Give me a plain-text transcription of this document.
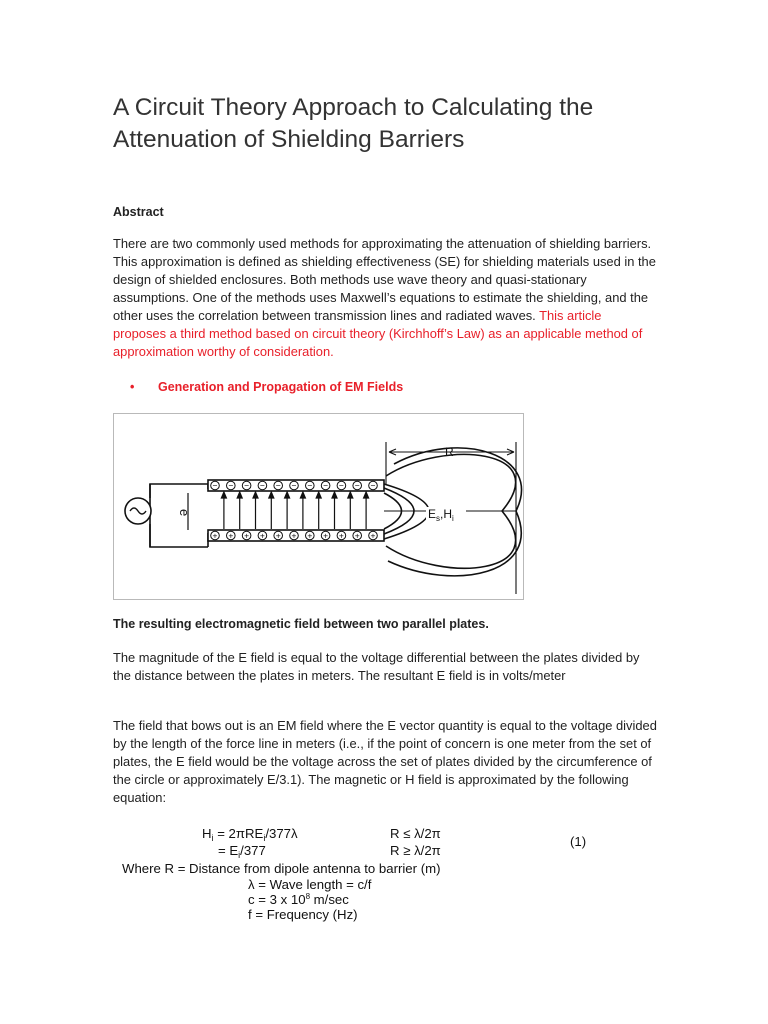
A Circuit Theory Approach to Calculating the Attenuation of Shielding Barriers
Abstract

There are two commonly used methods for approximating the attenuation of shielding barriers. This approximation is defined as shielding effectiveness (SE) for shielding materials used in the design of shielded enclosures. Both methods use wave theory and quasi-stationary assumptions. One of the methods uses Maxwell’s equations to estimate the shielding, and the other uses the correlation between transmission lines and radiated waves. This article proposes a third method based on circuit theory (Kirchhoff’s Law) as an applicable method of approximation worthy of consideration.

• Generation and Propagation of EM Fields
−
+
−
+
−
+
−
+
−
+
−
+
−
+
−
+
−
+
−
+
−
+
e
R
$E_s,H_i$
The resulting electromagnetic field between two parallel plates.

The magnitude of the E field is equal to the voltage differential between the plates divided by the distance between the plates in meters. The resultant E field is in volts/meter

The field that bows out is an EM field where the E vector quantity is equal to the voltage divided by the length of the force line in meters (i.e., if the point of concern is one meter from the set of plates, the E field would be the voltage across the set of plates divided by the circumference of the circle or approximately E/3.1). The magnetic or H field is approximated by the following equation:

$H_i = 2\pi RE_i/377\lambda$	R ≤ λ/2π
(1)
= $E_i/377$	R ≥ λ/2π
Where R = Distance from dipole antenna to barrier (m)
λ = Wave length = c/f
c = 3 x $10^8$ m/sec
f = Frequency (Hz)
